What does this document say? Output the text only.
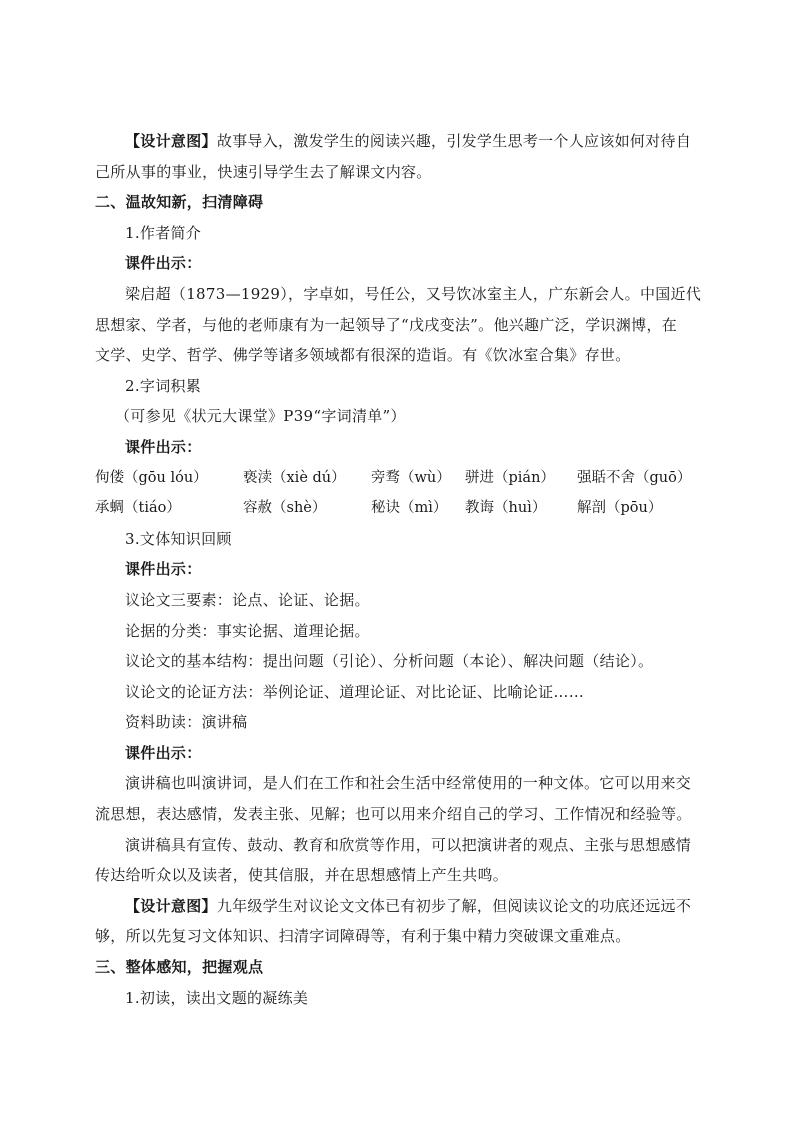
【设计意图】故事导入，激发学生的阅读兴趣，引发学生思考一个人应该如何对待自
己所从事的事业，快速引导学生去了解课文内容。
二、温故知新，扫清障碍
1.作者简介
课件出示：
梁启超（1873—1929），字卓如，号任公，又号饮冰室主人，广东新会人。中国近代
思想家、学者，与他的老师康有为一起领导了“戊戌变法”。他兴趣广泛，学识渊博，在
文学、史学、哲学、佛学等诸多领域都有很深的造诣。有《饮冰室合集》存世。
2.字词积累
（可参见《状元大课堂》P39“字词清单”）
课件出示：
佝偻（gōu lóu）	亵渎（xiè dú）	旁骛（wù） 骈进（pián）	强聒不舍（guō）
承蜩（tiáo）	容赦（shè）	秘诀（mì）	教诲（huì）	解剖（pōu）
3.文体知识回顾
课件出示：
议论文三要素：论点、论证、论据。
论据的分类：事实论据、道理论据。
议论文的基本结构：提出问题（引论）、分析问题（本论）、解决问题（结论）。
议论文的论证方法：举例论证、道理论证、对比论证、比喻论证……
资料助读：演讲稿
课件出示：
演讲稿也叫演讲词，是人们在工作和社会生活中经常使用的一种文体。它可以用来交
流思想，表达感情，发表主张、见解；也可以用来介绍自己的学习、工作情况和经验等。
演讲稿具有宣传、鼓动、教育和欣赏等作用，可以把演讲者的观点、主张与思想感情
传达给听众以及读者，使其信服，并在思想感情上产生共鸣。
【设计意图】九年级学生对议论文文体已有初步了解，但阅读议论文的功底还远远不
够，所以先复习文体知识、扫清字词障碍等，有利于集中精力突破课文重难点。
三、整体感知，把握观点
1.初读，读出文题的凝练美
